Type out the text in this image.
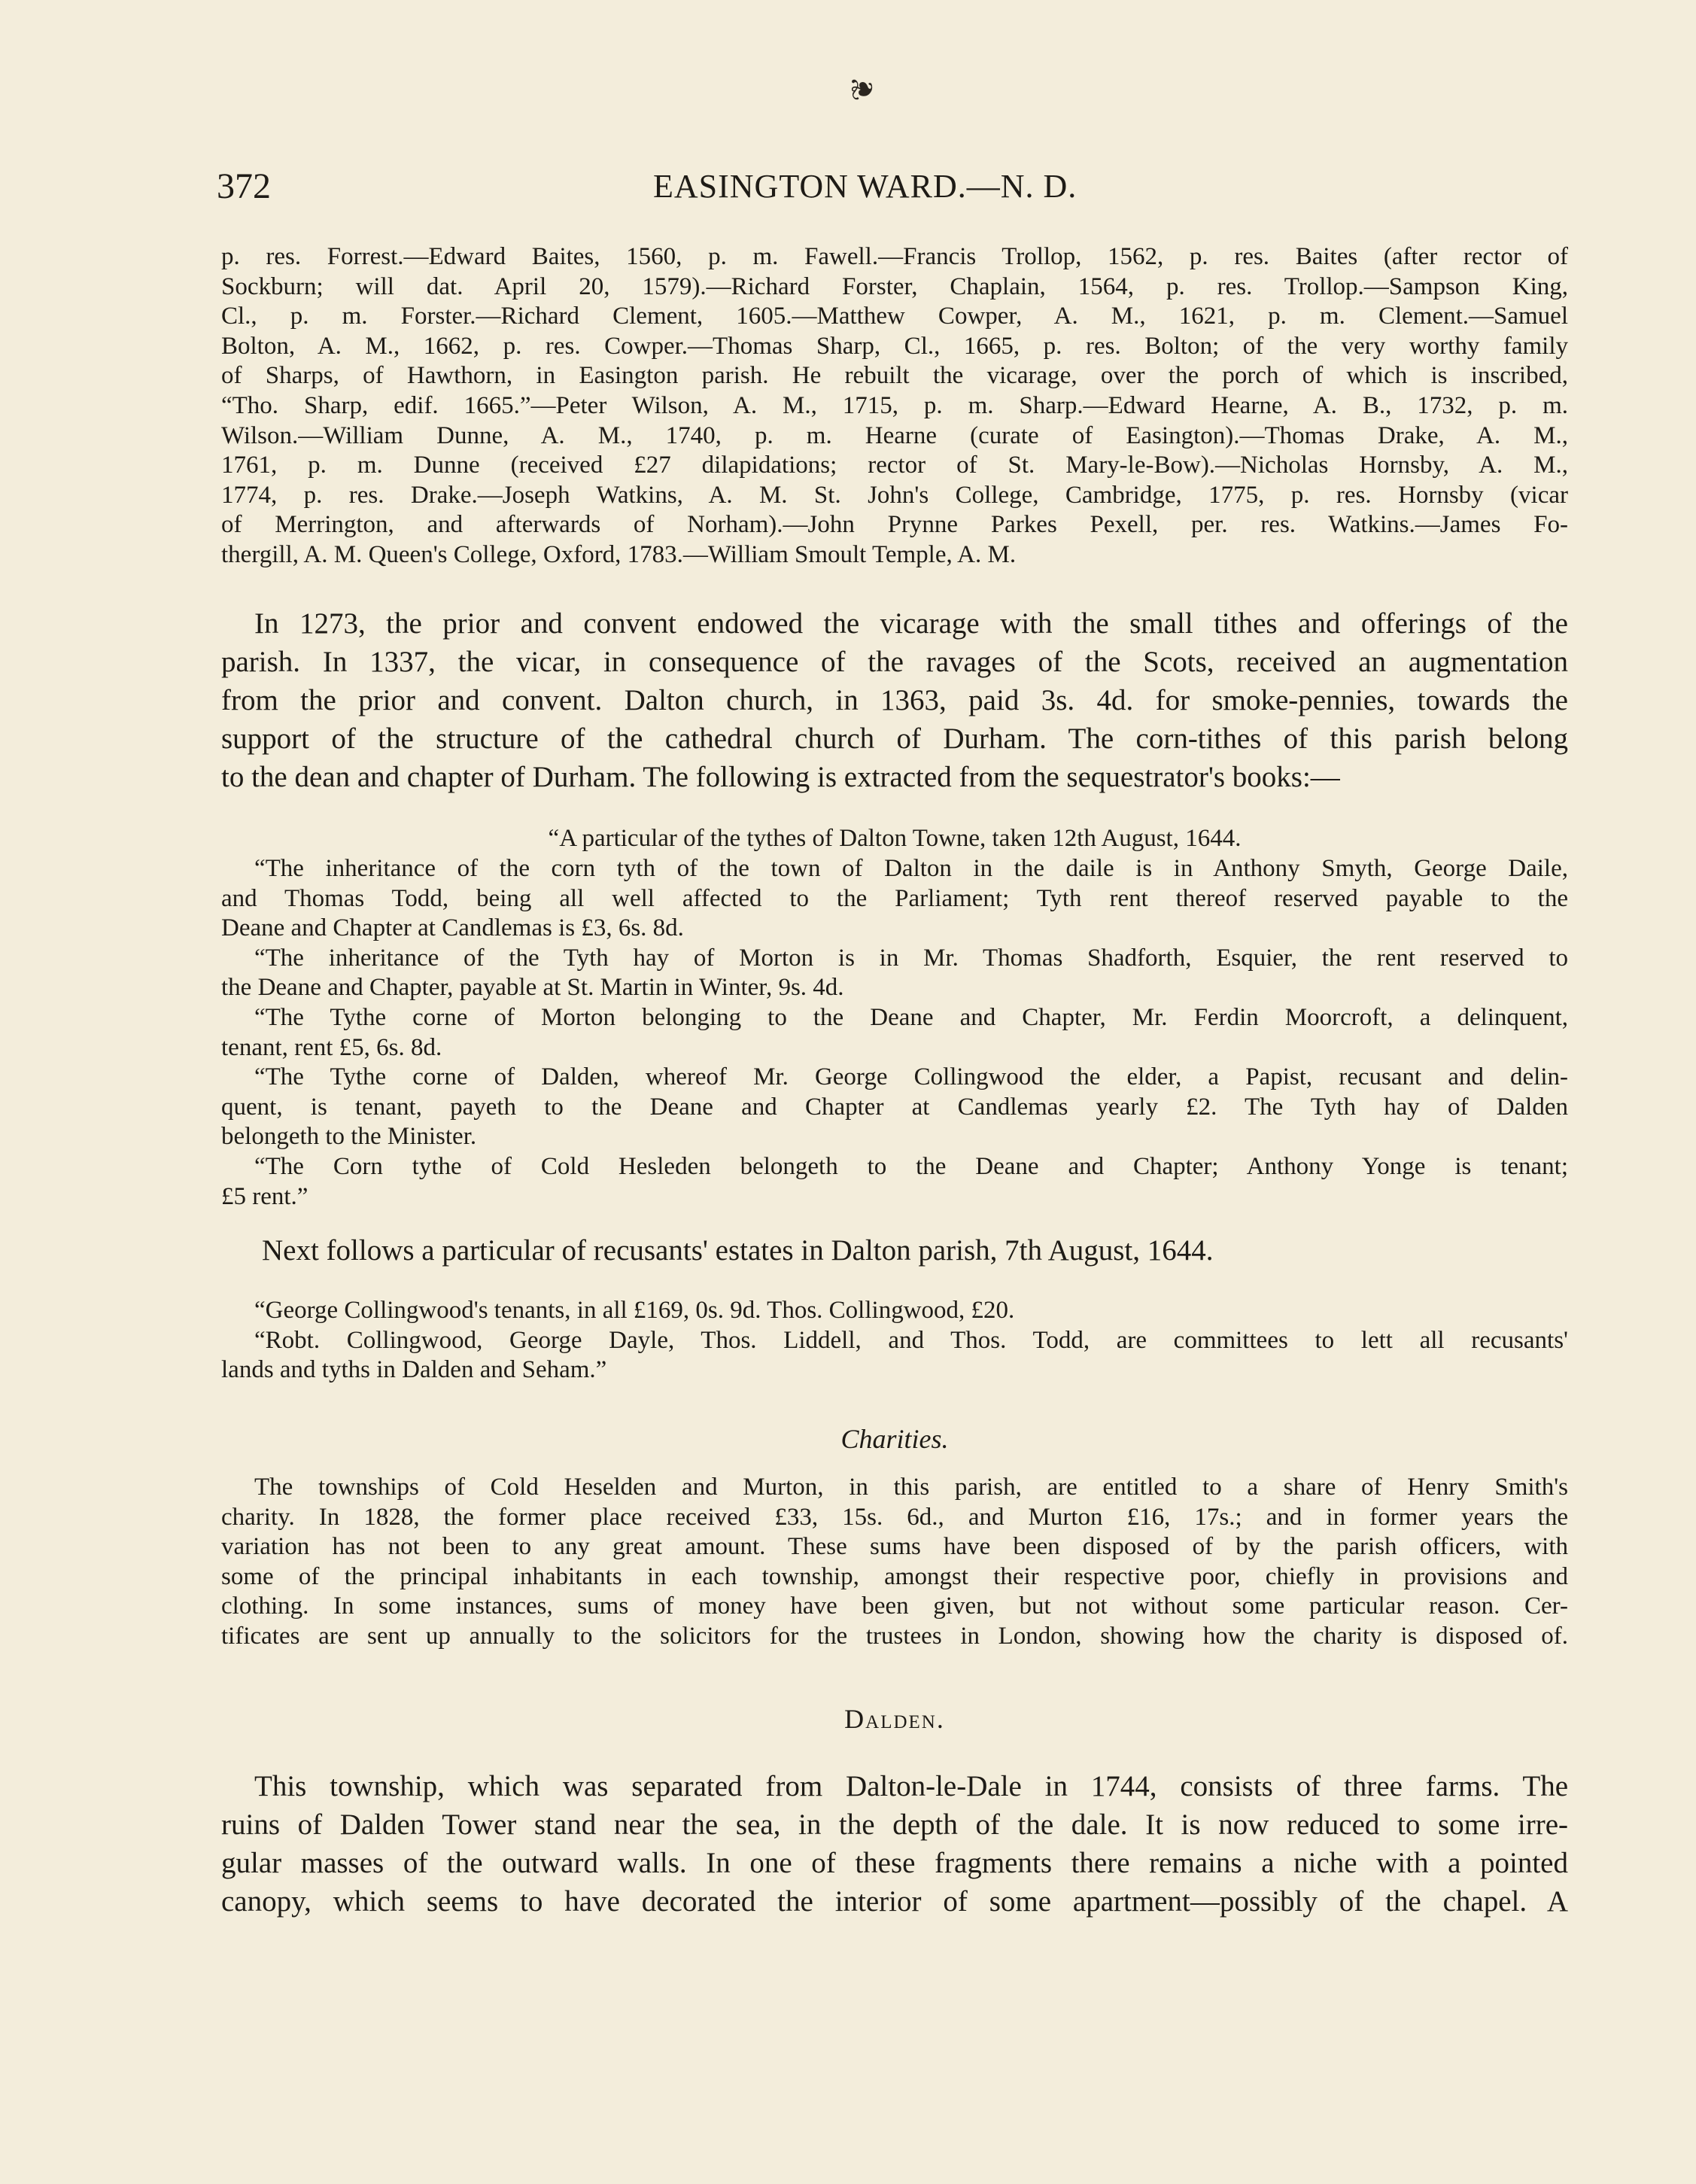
❦
372	EASINGTON WARD.—N. D.

p. res. Forrest.—Edward Baites, 1560, p. m. Fawell.—Francis Trollop, 1562, p. res. Baites (after rector of

Sockburn; will dat. April 20, 1579).—Richard Forster, Chaplain, 1564, p. res. Trollop.—Sampson King,

Cl., p. m. Forster.—Richard Clement, 1605.—Matthew Cowper, A. M., 1621, p. m. Clement.—Samuel

Bolton, A. M., 1662, p. res. Cowper.—Thomas Sharp, Cl., 1665, p. res. Bolton; of the very worthy family

of Sharps, of Hawthorn, in Easington parish. He rebuilt the vicarage, over the porch of which is inscribed,

“Tho. Sharp, edif. 1665.”—Peter Wilson, A. M., 1715, p. m. Sharp.—Edward Hearne, A. B., 1732, p. m.

Wilson.—William Dunne, A. M., 1740, p. m. Hearne (curate of Easington).—Thomas Drake, A. M.,

1761, p. m. Dunne (received £27 dilapidations; rector of St. Mary-le-Bow).—Nicholas Hornsby, A. M.,

1774, p. res. Drake.—Joseph Watkins, A. M. St. John's College, Cambridge, 1775, p. res. Hornsby (vicar

of Merrington, and afterwards of Norham).—John Prynne Parkes Pexell, per. res. Watkins.—James Fo-

thergill, A. M. Queen's College, Oxford, 1783.—William Smoult Temple, A. M.

In 1273, the prior and convent endowed the vicarage with the small tithes and offerings of the

parish. In 1337, the vicar, in consequence of the ravages of the Scots, received an augmentation

from the prior and convent. Dalton church, in 1363, paid 3s. 4d. for smoke-pennies, towards the

support of the structure of the cathedral church of Durham. The corn-tithes of this parish belong

to the dean and chapter of Durham. The following is extracted from the sequestrator's books:—

“A particular of the tythes of Dalton Towne, taken 12th August, 1644.

“The inheritance of the corn tyth of the town of Dalton in the daile is in Anthony Smyth, George Daile,

and Thomas Todd, being all well affected to the Parliament; Tyth rent thereof reserved payable to the

Deane and Chapter at Candlemas is £3, 6s. 8d.

“The inheritance of the Tyth hay of Morton is in Mr. Thomas Shadforth, Esquier, the rent reserved to

the Deane and Chapter, payable at St. Martin in Winter, 9s. 4d.

“The Tythe corne of Morton belonging to the Deane and Chapter, Mr. Ferdin Moorcroft, a delinquent,

tenant, rent £5, 6s. 8d.

“The Tythe corne of Dalden, whereof Mr. George Collingwood the elder, a Papist, recusant and delin-

quent, is tenant, payeth to the Deane and Chapter at Candlemas yearly £2. The Tyth hay of Dalden

belongeth to the Minister.

“The Corn tythe of Cold Hesleden belongeth to the Deane and Chapter; Anthony Yonge is tenant;

£5 rent.”

Next follows a particular of recusants' estates in Dalton parish, 7th August, 1644.

“George Collingwood's tenants, in all £169, 0s. 9d. Thos. Collingwood, £20.

“Robt. Collingwood, George Dayle, Thos. Liddell, and Thos. Todd, are committees to lett all recusants'

lands and tyths in Dalden and Seham.”

Charities.

The townships of Cold Heselden and Murton, in this parish, are entitled to a share of Henry Smith's

charity. In 1828, the former place received £33, 15s. 6d., and Murton £16, 17s.; and in former years the

variation has not been to any great amount. These sums have been disposed of by the parish officers, with

some of the principal inhabitants in each township, amongst their respective poor, chiefly in provisions and

clothing. In some instances, sums of money have been given, but not without some particular reason. Cer-

tificates are sent up annually to the solicitors for the trustees in London, showing how the charity is disposed of.

Dalden.

This township, which was separated from Dalton-le-Dale in 1744, consists of three farms. The

ruins of Dalden Tower stand near the sea, in the depth of the dale. It is now reduced to some irre-

gular masses of the outward walls. In one of these fragments there remains a niche with a pointed

canopy, which seems to have decorated the interior of some apartment—possibly of the chapel. A
